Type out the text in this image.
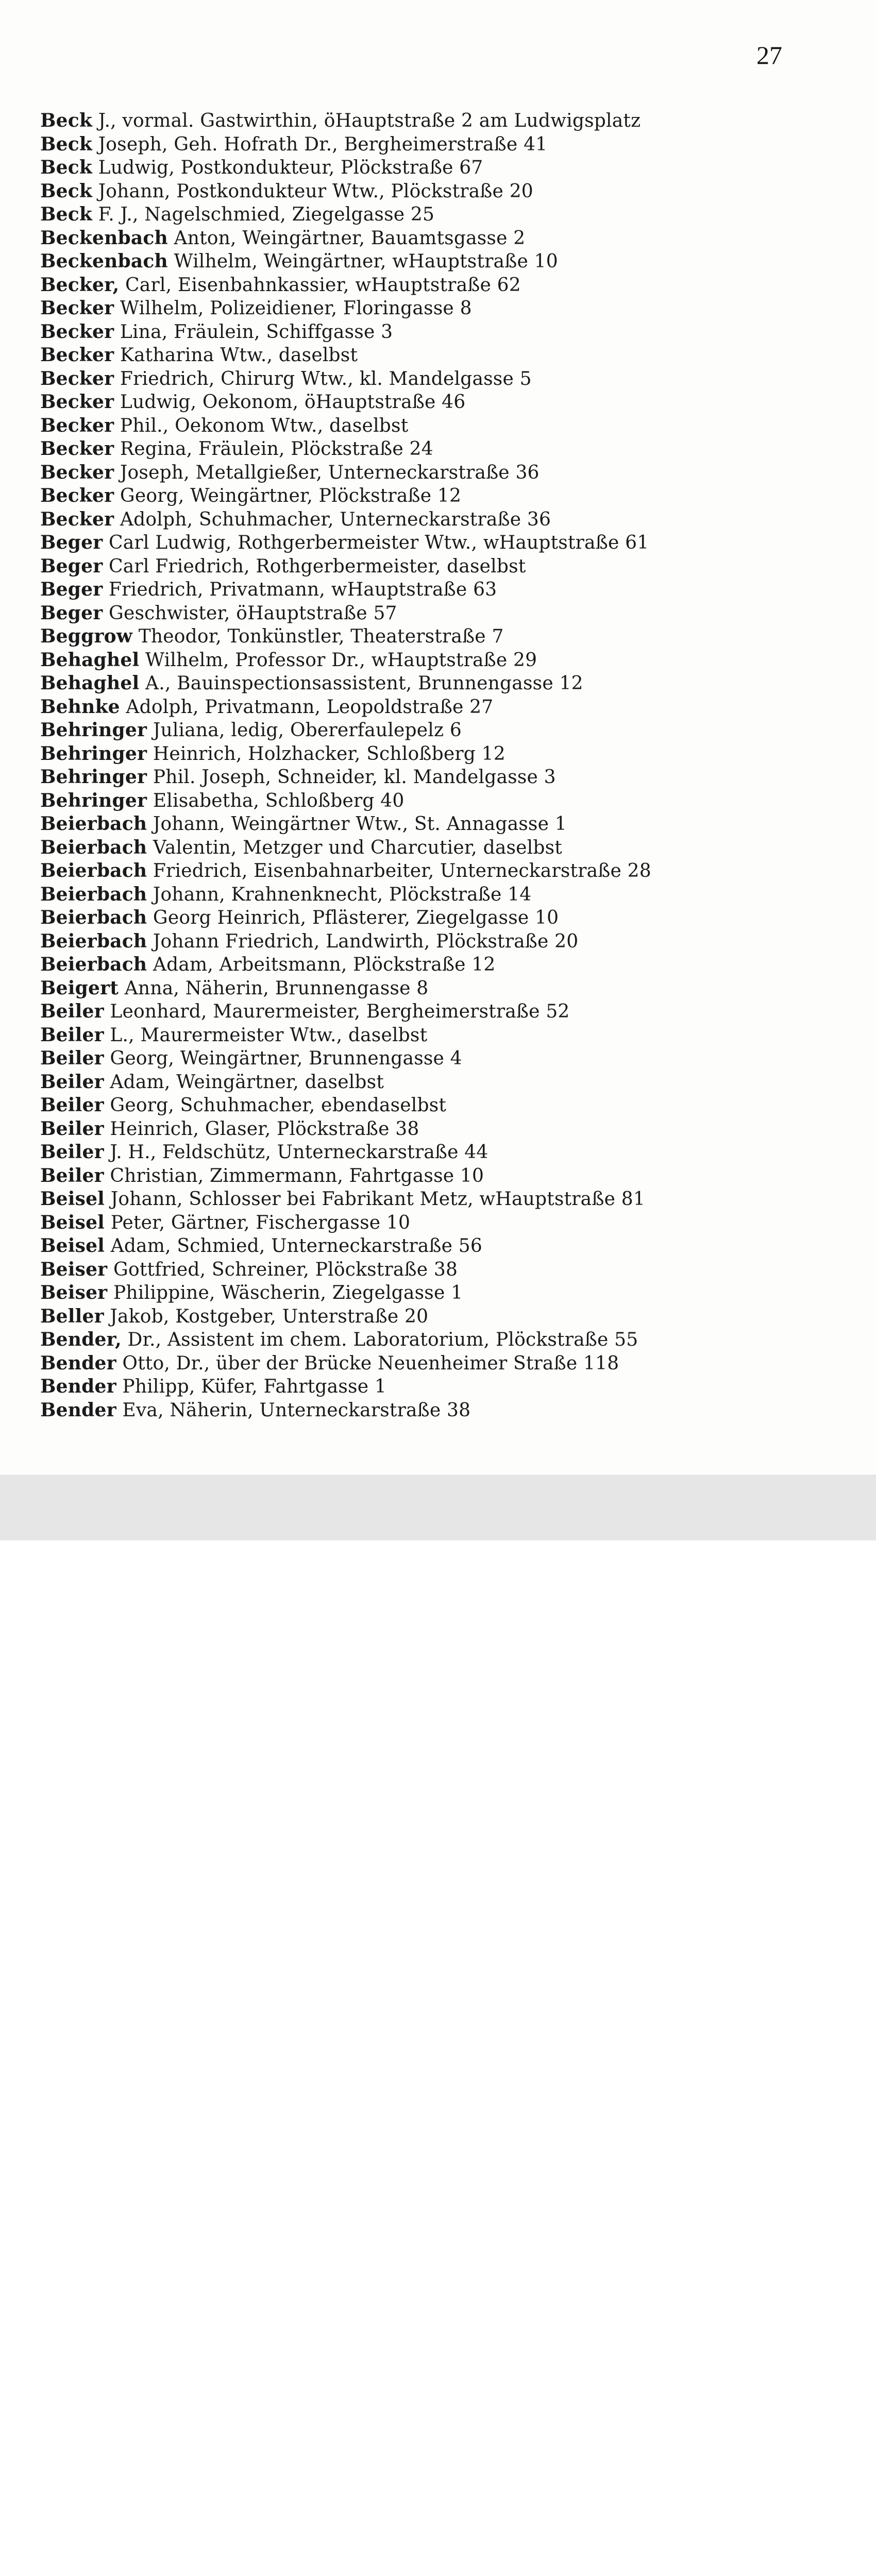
27
Beck J., vormal. Gastwirthin, öHauptstraße 2 am Ludwigsplatz
Beck Joseph, Geh. Hofrath Dr., Bergheimerstraße 41
Beck Ludwig, Postkondukteur, Plöckstraße 67
Beck Johann, Postkondukteur Wtw., Plöckstraße 20
Beck F. J., Nagelschmied, Ziegelgasse 25
Beckenbach Anton, Weingärtner, Bauamtsgasse 2
Beckenbach Wilhelm, Weingärtner, wHauptstraße 10
Becker, Carl, Eisenbahnkassier, wHauptstraße 62
Becker Wilhelm, Polizeidiener, Floringasse 8
Becker Lina, Fräulein, Schiffgasse 3
Becker Katharina Wtw., daselbst
Becker Friedrich, Chirurg Wtw., kl. Mandelgasse 5
Becker Ludwig, Oekonom, öHauptstraße 46
Becker Phil., Oekonom Wtw., daselbst
Becker Regina, Fräulein, Plöckstraße 24
Becker Joseph, Metallgießer, Unterneckarstraße 36
Becker Georg, Weingärtner, Plöckstraße 12
Becker Adolph, Schuhmacher, Unterneckarstraße 36
Beger Carl Ludwig, Rothgerbermeister Wtw., wHauptstraße 61
Beger Carl Friedrich, Rothgerbermeister, daselbst
Beger Friedrich, Privatmann, wHauptstraße 63
Beger Geschwister, öHauptstraße 57
Beggrow Theodor, Tonkünstler, Theaterstraße 7
Behaghel Wilhelm, Professor Dr., wHauptstraße 29
Behaghel A., Bauinspectionsassistent, Brunnengasse 12
Behnke Adolph, Privatmann, Leopoldstraße 27
Behringer Juliana, ledig, Obererfaulepelz 6
Behringer Heinrich, Holzhacker, Schloßberg 12
Behringer Phil. Joseph, Schneider, kl. Mandelgasse 3
Behringer Elisabetha, Schloßberg 40
Beierbach Johann, Weingärtner Wtw., St. Annagasse 1
Beierbach Valentin, Metzger und Charcutier, daselbst
Beierbach Friedrich, Eisenbahnarbeiter, Unterneckarstraße 28
Beierbach Johann, Krahnenknecht, Plöckstraße 14
Beierbach Georg Heinrich, Pflästerer, Ziegelgasse 10
Beierbach Johann Friedrich, Landwirth, Plöckstraße 20
Beierbach Adam, Arbeitsmann, Plöckstraße 12
Beigert Anna, Näherin, Brunnengasse 8
Beiler Leonhard, Maurermeister, Bergheimerstraße 52
Beiler L., Maurermeister Wtw., daselbst
Beiler Georg, Weingärtner, Brunnengasse 4
Beiler Adam, Weingärtner, daselbst
Beiler Georg, Schuhmacher, ebendaselbst
Beiler Heinrich, Glaser, Plöckstraße 38
Beiler J. H., Feldschütz, Unterneckarstraße 44
Beiler Christian, Zimmermann, Fahrtgasse 10
Beisel Johann, Schlosser bei Fabrikant Metz, wHauptstraße 81
Beisel Peter, Gärtner, Fischergasse 10
Beisel Adam, Schmied, Unterneckarstraße 56
Beiser Gottfried, Schreiner, Plöckstraße 38
Beiser Philippine, Wäscherin, Ziegelgasse 1
Beller Jakob, Kostgeber, Unterstraße 20
Bender, Dr., Assistent im chem. Laboratorium, Plöckstraße 55
Bender Otto, Dr., über der Brücke Neuenheimer Straße 118
Bender Philipp, Küfer, Fahrtgasse 1
Bender Eva, Näherin, Unterneckarstraße 38
